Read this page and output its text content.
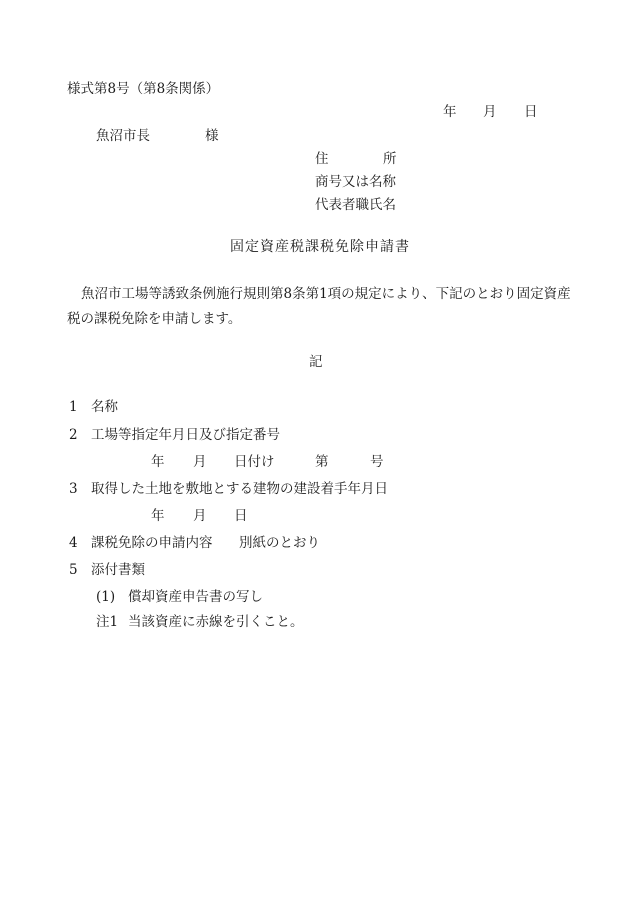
様式第8号（第8条関係）
年 月 日
魚沼市長	様
住	所
商号又は名称
代表者職氏名
固定資産税課税免除申請書
魚沼市工場等誘致条例施行規則第8条第1項の規定により、下記のとおり固定資産税の課税免除を申請します。
記
1 名称
2 工場等指定年月日及び指定番号
年 月 日付け	第	号
3 取得した土地を敷地とする建物の建設着手年月日
年 月 日
4 課税免除の申請内容 別紙のとおり
5 添付書類
(1) 償却資産申告書の写し
注1 当該資産に赤線を引くこと。
